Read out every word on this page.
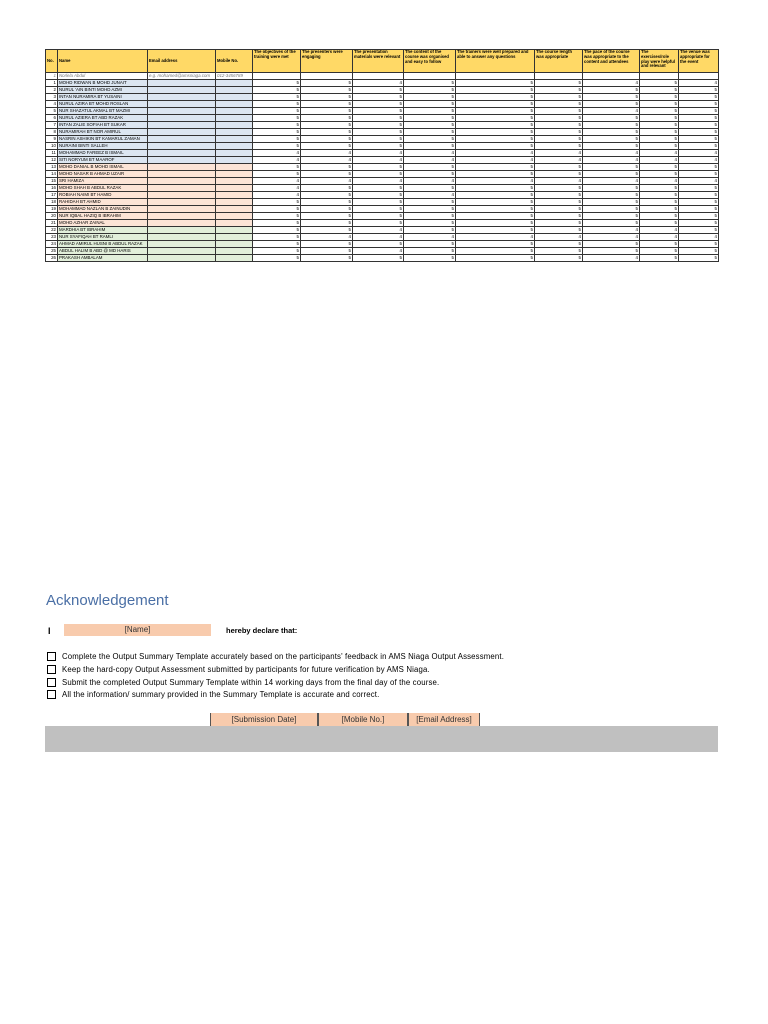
No.	Name	Email address	Mobile No.	The objectives of the training were met	The presenters were engaging	The presentation materials were relevant	The content of the course was organised and easy to follow	The trainers were well prepared and able to answer any questions	The course length was appropriate	The pace of the course was appropriate to the content and attendees	The exercises/role play were helpful and relevant	The venue was appropriate for the event
1	Norlela Abdul	e.g. mohamed@amsniaga.com	012-3456789									
1	MOHD RIDWAN B MOHD JUNAIT			5	5	4	5	5	5	4	5	4
2	NURUL 'AIN BINTI MOHD AZMI			5	5	5	5	5	5	5	5	5
3	INTAN NURAMIRA BT YUSAINI			5	5	5	5	5	5	5	5	5
4	NURUL AZIRA BT MOHD ROSLAN			5	5	5	5	5	5	5	5	5
5	NUR SHAZATUL AKMAL BT MAZMI			5	5	5	5	5	5	4	5	5
6	NURUL AZIERA BT ABD RAZAK			5	5	5	5	5	5	5	5	5
7	INTAN ZALIE SOFIAH BT SUKAR			5	5	5	5	5	5	5	5	5
8	NURAMIRAH BT NOR AMIRUL			5	5	5	5	5	5	5	5	5
9	NASRIN ASHIKIN BT KAMARUL ZAMAN			5	5	5	5	5	5	5	5	5
10	NURAINI BINTI SALLEH			5	5	5	5	5	5	5	5	5
11	MOHAMMAD FAREEZ B ISMAIL			4	4	4	4	4	4	4	4	4
12	SITI NORYUM BT MAAROF			4	4	4	4	4	4	4	4	4
13	MOHD DANIAL B MOHD ISMAIL			5	5	5	5	5	5	5	5	5
14	MOHD NASAR B AHMAD UZAIR			5	5	5	5	5	5	5	5	5
15	SRI HAMIZA			4	4	4	4	4	4	4	4	4
16	MOHD SHAH B ABDUL RAZAK			4	5	5	5	5	5	5	5	5
17	ROBIAH NAIMI BT HAMID			4	5	5	4	5	5	5	5	5
18	RAHIDAH BT AHMID			5	5	5	5	5	5	5	5	5
19	MOHAMMAD NAZLAN B ZAINUDIN			5	5	5	5	5	5	5	5	5
20	NUR IQBAL HAZIQ B IBRAHIM			5	5	5	5	5	5	5	5	5
21	MOHD AZHAR ZAINAL			5	5	5	5	5	5	5	5	5
22	MARDHIA BT IBRAHIM			5	5	4	5	5	5	4	4	5
23	NUR SYAFIQAH BT RAMLI			5	4	4	4	4	4	4	4	4
24	AHMAD AMIRUL HUSNI B ABDUL RAZAK			5	5	5	5	5	5	5	5	5
25	ABDUL HALIM B ABD @ MD HARIS			5	5	4	5	5	5	5	5	5
26	PRAKASH AMBALAM			5	5	5	5	5	5	4	5	5
Acknowledgement
I	[Name]	hereby declare that:
Complete the Output Summary Template accurately based on the participants' feedback in AMS Niaga Output Assessment.
Keep the hard-copy Output Assessment submitted by participants for future verification by AMS Niaga.
Submit the completed Output Summary Template within 14 working days from the final day of the course.
All the information/ summary provided in the Summary Template is accurate and correct.
[Submission Date]	[Mobile No.]	[Email Address]
